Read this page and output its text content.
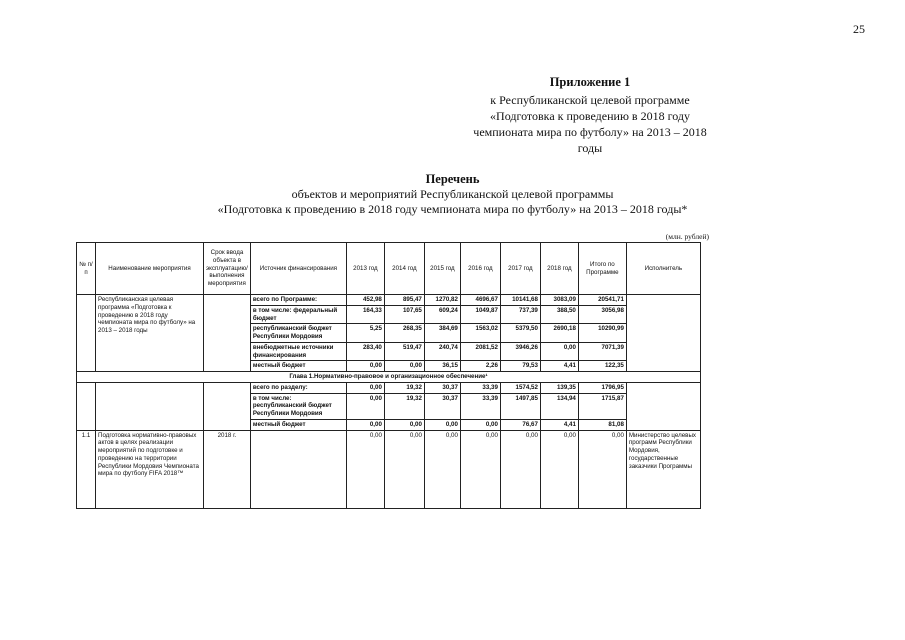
25
Приложение 1
к Республиканской целевой программе
«Подготовка к проведению в 2018 году
чемпионата мира по футболу» на 2013 – 2018
годы
Перечень
объектов и мероприятий Республиканской целевой программы
«Подготовка к проведению в 2018 году чемпионата мира по футболу» на 2013 – 2018 годы*
(млн. рублей)
№ п/п	Наименование мероприятия	Срок ввода объекта в эксплуатацию/ выполнения мероприятия	Источник финансирования	2013 год	2014 год	2015 год	2016 год	2017 год	2018 год	Итого по Программе	Исполнитель
	Республиканская целевая программа «Подготовка к проведению в 2018 году чемпионата мира по футболу» на 2013 – 2018 годы		всего по Программе:	452,98	895,47	1270,82	4696,67	10141,68	3083,09	20541,71	
			в том числе: федеральный бюджет	164,33	107,65	609,24	1049,87	737,39	388,50	3056,98	
			республиканский бюджет Республики Мордовия	5,25	268,35	384,69	1563,02	5379,50	2690,18	10290,99	
			внебюджетные источники финансирования	283,40	519,47	240,74	2081,52	3946,26	0,00	7071,39	
			местный бюджет	0,00	0,00	36,15	2,26	79,53	4,41	122,35	
Глава 1.Нормативно-правовое и организационное обеспечение¹											
			всего по разделу:	0,00	19,32	30,37	33,39	1574,52	139,35	1796,95	
			в том числе: республиканский бюджет Республики Мордовия	0,00	19,32	30,37	33,39	1497,85	134,94	1715,87	
			местный бюджет	0,00	0,00	0,00	0,00	76,67	4,41	81,08	
1.1	Подготовка нормативно-правовых актов в целях реализации мероприятий по подготовке и проведению на территории Республики Мордовия Чемпионата мира по футболу FIFA 2018™	2018 г.		0,00	0,00	0,00	0,00	0,00	0,00	0,00	Министерство целевых программ Республики Мордовия, государственные заказчики Программы
